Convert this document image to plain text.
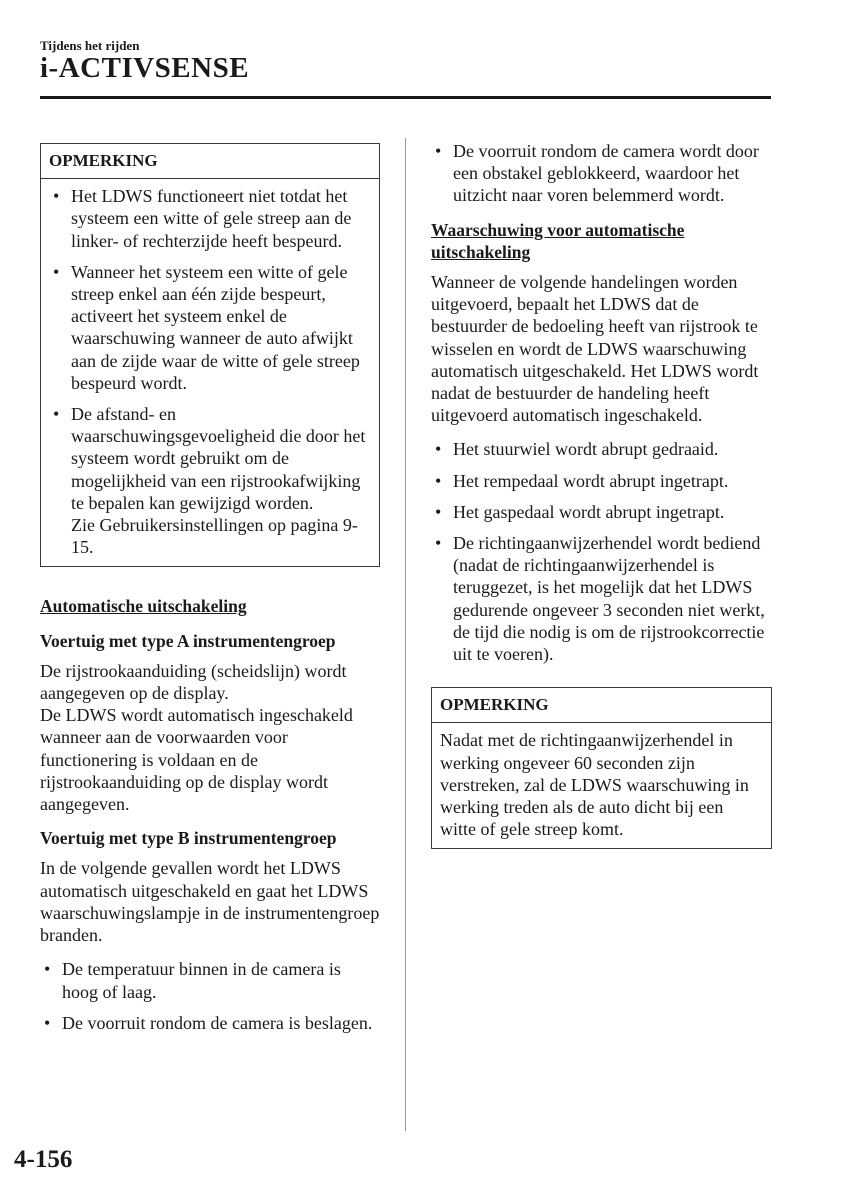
Tijdens het rijden
i-ACTIVSENSE
OPMERKING
• Het LDWS functioneert niet totdat het systeem een witte of gele streep aan de linker- of rechterzijde heeft bespeurd.
• Wanneer het systeem een witte of gele streep enkel aan één zijde bespeurt, activeert het systeem enkel de waarschuwing wanneer de auto afwijkt aan de zijde waar de witte of gele streep bespeurd wordt.
• De afstand- en waarschuwingsgevoeligheid die door het systeem wordt gebruikt om de mogelijkheid van een rijstrookafwijking te bepalen kan gewijzigd worden.
Zie Gebruikersinstellingen op pagina 9-15.
Automatische uitschakeling
Voertuig met type A instrumentengroep

De rijstrookaanduiding (scheidslijn) wordt aangegeven op de display.

De LDWS wordt automatisch ingeschakeld wanneer aan de voorwaarden voor functionering is voldaan en de rijstrookaanduiding op de display wordt aangegeven.

Voertuig met type B instrumentengroep

In de volgende gevallen wordt het LDWS automatisch uitgeschakeld en gaat het LDWS waarschuwingslampje in de instrumentengroep branden.

• De temperatuur binnen in de camera is hoog of laag.
• De voorruit rondom de camera is beslagen.
• De voorruit rondom de camera wordt door een obstakel geblokkeerd, waardoor het uitzicht naar voren belemmerd wordt.
Waarschuwing voor automatische uitschakeling

Wanneer de volgende handelingen worden uitgevoerd, bepaalt het LDWS dat de bestuurder de bedoeling heeft van rijstrook te wisselen en wordt de LDWS waarschuwing automatisch uitgeschakeld. Het LDWS wordt nadat de bestuurder de handeling heeft uitgevoerd automatisch ingeschakeld.

• Het stuurwiel wordt abrupt gedraaid.
• Het rempedaal wordt abrupt ingetrapt.
• Het gaspedaal wordt abrupt ingetrapt.
• De richtingaanwijzerhendel wordt bediend (nadat de richtingaanwijzerhendel is teruggezet, is het mogelijk dat het LDWS gedurende ongeveer 3 seconden niet werkt, de tijd die nodig is om de rijstrookcorrectie uit te voeren).
OPMERKING
Nadat met de richtingaanwijzerhendel in werking ongeveer 60 seconden zijn verstreken, zal de LDWS waarschuwing in werking treden als de auto dicht bij een witte of gele streep komt.
4-156
